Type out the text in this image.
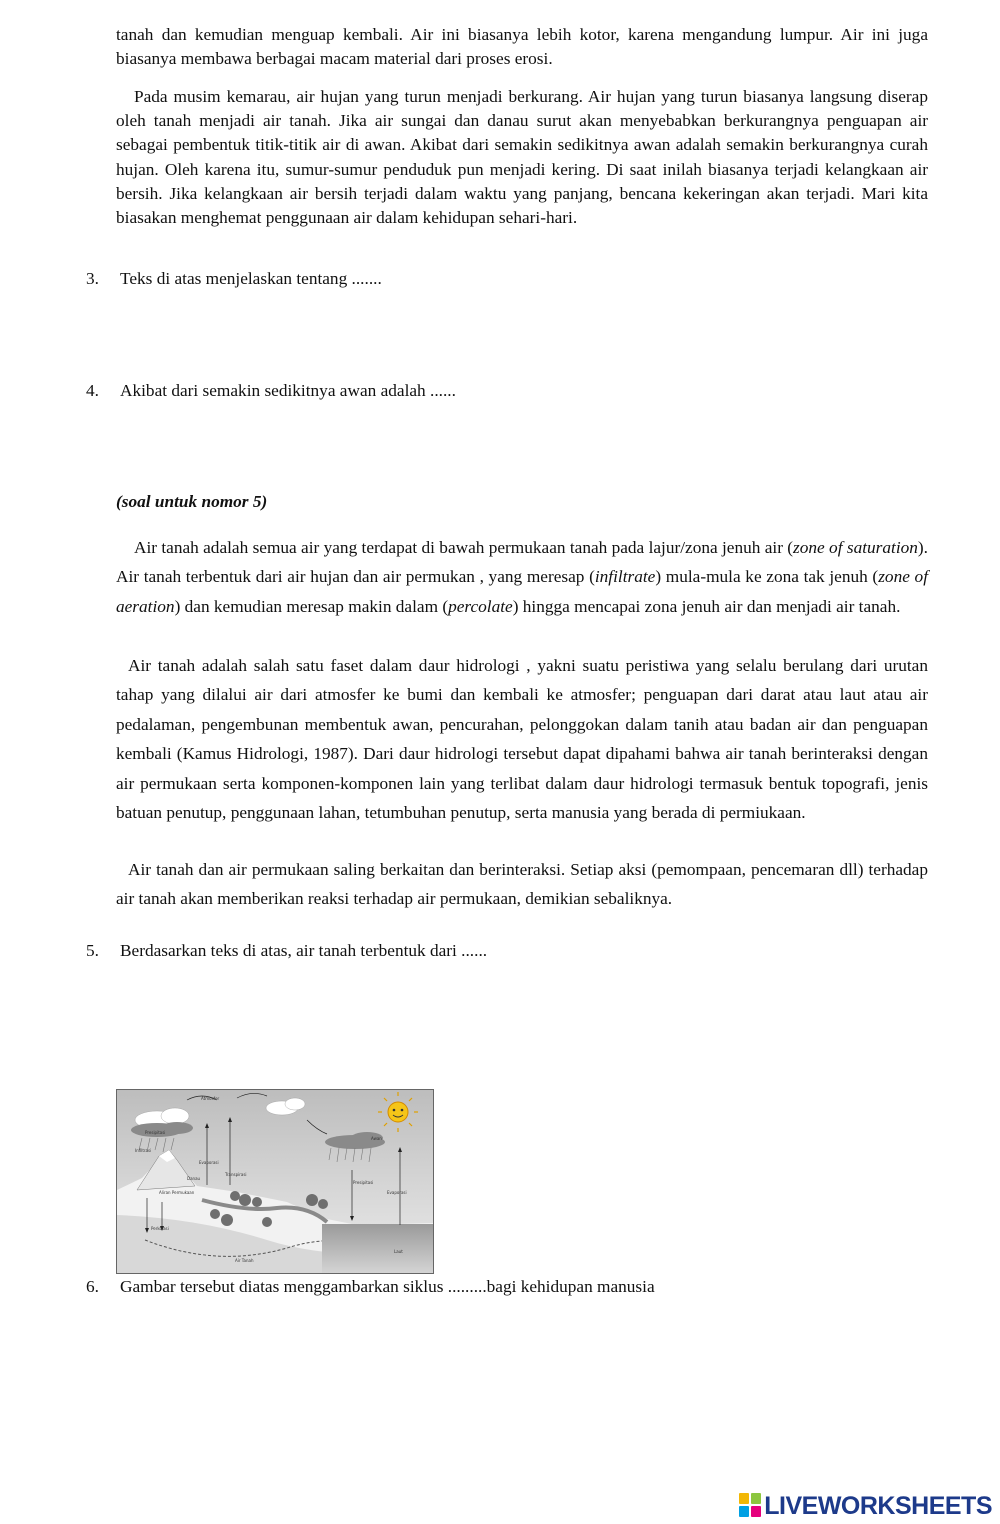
tanah dan kemudian menguap kembali. Air ini biasanya lebih kotor, karena mengandung lumpur. Air ini juga biasanya membawa berbagai macam material dari proses erosi.
Pada musim kemarau, air hujan yang turun menjadi berkurang. Air hujan yang turun biasanya langsung diserap oleh tanah menjadi air tanah. Jika air sungai dan danau surut akan menyebabkan berkurangnya penguapan air sebagai pembentuk titik-titik air di awan. Akibat dari semakin sedikitnya awan adalah semakin berkurangnya curah hujan. Oleh karena itu, sumur-sumur penduduk pun menjadi kering. Di saat inilah biasanya terjadi kelangkaan air bersih. Jika kelangkaan air bersih terjadi dalam waktu yang panjang, bencana kekeringan akan terjadi. Mari kita biasakan menghemat penggunaan air dalam kehidupan sehari-hari.
3. Teks di atas menjelaskan tentang .......
4. Akibat dari semakin sedikitnya awan adalah ......
(soal untuk nomor 5)
Air tanah adalah semua air yang terdapat di bawah permukaan tanah pada lajur/zona jenuh air (zone of saturation). Air tanah terbentuk dari air hujan dan air permukan , yang meresap (infiltrate) mula-mula ke zona tak jenuh (zone of aeration) dan kemudian meresap makin dalam (percolate) hingga mencapai zona jenuh air dan menjadi air tanah.
Air tanah adalah salah satu faset dalam daur hidrologi , yakni suatu peristiwa yang selalu berulang dari urutan tahap yang dilalui air dari atmosfer ke bumi dan kembali ke atmosfer; penguapan dari darat atau laut atau air pedalaman, pengembunan membentuk awan, pencurahan, pelonggokan dalam tanih atau badan air dan penguapan kembali (Kamus Hidrologi, 1987). Dari daur hidrologi tersebut dapat dipahami bahwa air tanah berinteraksi dengan air permukaan serta komponen-komponen lain yang terlibat dalam daur hidrologi termasuk bentuk topografi, jenis batuan penutup, penggunaan lahan, tetumbuhan penutup, serta manusia yang berada di permiukaan.
Air tanah dan air permukaan saling berkaitan dan berinteraksi. Setiap aksi (pemompaan, pencemaran dll) terhadap air tanah akan memberikan reaksi terhadap air permukaan, demikian sebaliknya.
5. Berdasarkan teks di atas, air tanah terbentuk dari ......
Atmosfer
Presipitasi
Infiltrasi
Evaporasi
Transpirasi
Awan
Presipitasi
Evaporasi
Aliran Permukaan
Danau
Perkolasi
Laut
Air Tanah
6. Gambar tersebut diatas menggambarkan siklus .........bagi kehidupan manusia
LIVEWORKSHEETS
